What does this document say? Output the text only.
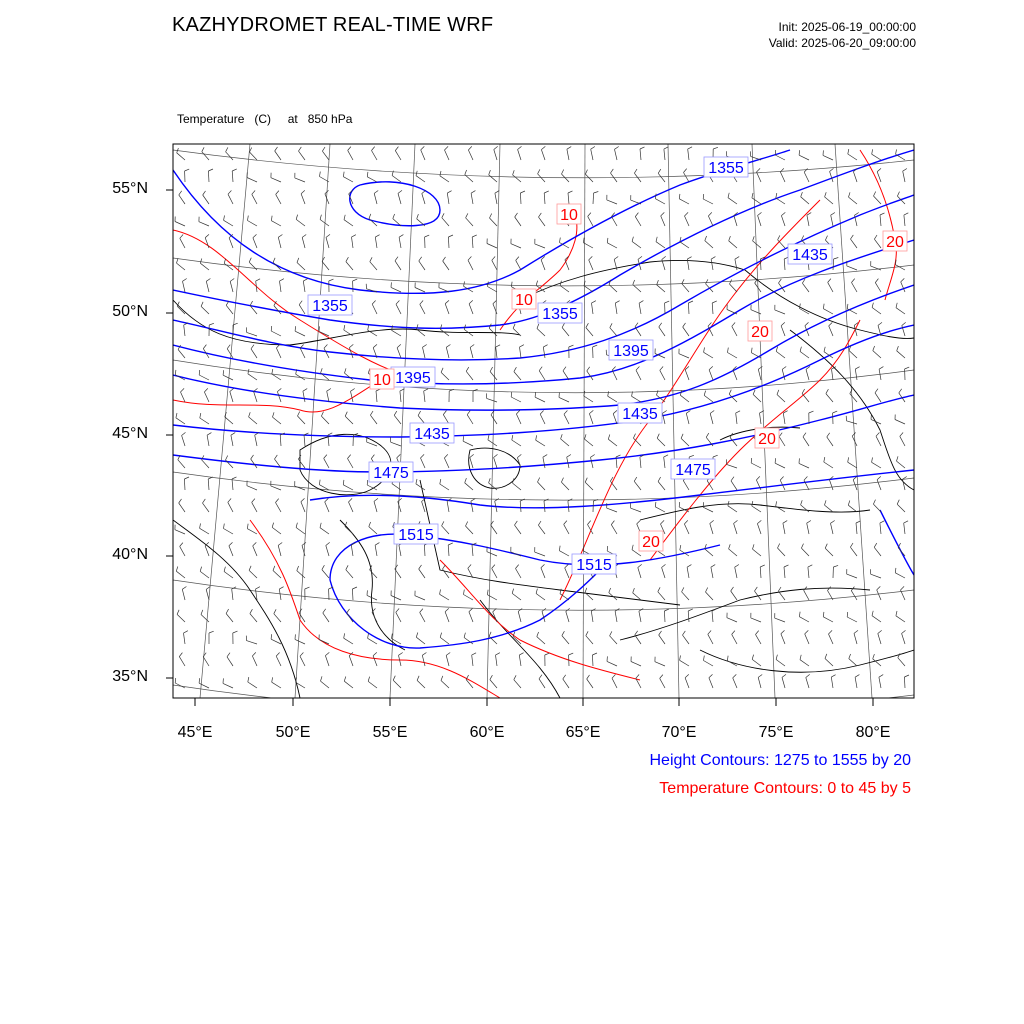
KAZHYDROMET REAL-TIME WRF	Init: 2025-06-19_00:00:00
Valid: 2025-06-20_09:00:00

Temperature   (C)     at   850 hPa

1355
1355
1435
1355
1395
1395
1435
1435
1475
1475
1515
1515
10
10
20
20
10
20
20
55°N
50°N
45°N
40°N
35°N
45°E	50°E	55°E	60°E	65°E	70°E	75°E	80°E
Height Contours: 1275 to 1555 by 20
Temperature Contours: 0 to 45 by 5
